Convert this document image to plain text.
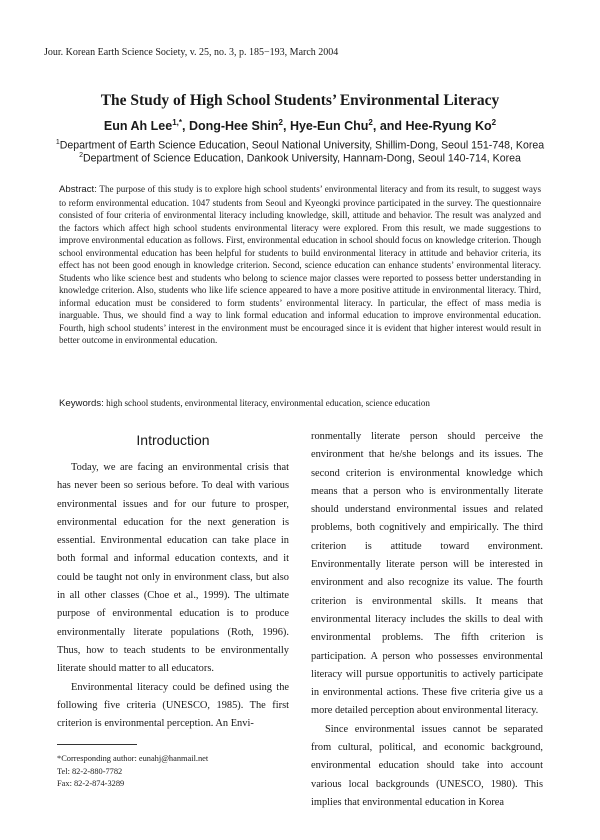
Jour. Korean Earth Science Society, v. 25, no. 3, p. 185−193, March 2004
The Study of High School Students’ Environmental Literacy
Eun Ah Lee$^{1,*}$, Dong-Hee Shin$^2$, Hye-Eun Chu$^2$, and Hee-Ryung Ko$^2$
$^1$Department of Earth Science Education, Seoul National University, Shillim-Dong, Seoul 151-748, Korea
$^2$Department of Science Education, Dankook University, Hannam-Dong, Seoul 140-714, Korea
Abstract: The purpose of this study is to explore high school students’ environmental literacy and from its result, to suggest ways to reform environmental education. 1047 students from Seoul and Kyeongki province participated in the survey. The questionnaire consisted of four criteria of environmental literacy including knowledge, skill, attitude and behavior. The result was analyzed and the factors which affect high school students environmental literacy were explored. From this result, we made suggestions to improve environmental education as follows. First, environmental education in school should focus on knowledge criterion. Though school environmental education has been helpful for students to build environmental literacy in attitude and behavior criteria, its effect has not been good enough in knowledge criterion. Second, science education can enhance students’ environmental literacy. Students who like science best and students who belong to science major classes were reported to possess better understanding in knowledge criterion. Also, students who like life science appeared to have a more positive attitude in environmental literacy. Third, informal education must be considered to form students’ environmental literacy. In particular, the effect of mass media is inarguable. Thus, we should find a way to link formal education and informal education to improve environmental education. Fourth, high school students’ interest in the environment must be encouraged since it is evident that higher interest would result in better outcome in environmental education.
Keywords: high school students, environmental literacy, environmental education, science education
Introduction

Today, we are facing an environmental crisis that has never been so serious before. To deal with various environmental issues and for our future to prosper, environmental education for the next generation is essential. Environmental education can take place in both formal and informal education contexts, and it could be taught not only in environment class, but also in all other classes (Choe et al., 1999). The ultimate purpose of environmental education is to produce environmentally literate populations (Roth, 1996). Thus, how to teach students to be environmentally literate should matter to all educators.

Environmental literacy could be defined using the following five criteria (UNESCO, 1985). The first criterion is environmental perception. An Envi-

ronmentally literate person should perceive the environment that he/she belongs and its issues. The second criterion is environmental knowledge which means that a person who is environmentally literate should understand environmental issues and related problems, both cognitively and empirically. The third criterion is attitude toward environment. Environmentally literate person will be interested in environment and also recognize its value. The fourth criterion is environmental skills. It means that environmental literacy includes the skills to deal with environmental problems. The fifth criterion is participation. A person who possesses environmental literacy will pursue opportunitis to actively participate in environmental actions. These five criteria give us a more detailed perception about environmental literacy.

Since environmental issues cannot be separated from cultural, political, and economic background, environmental education should take into account various local backgrounds (UNESCO, 1980). This implies that environmental education in Korea

*Corresponding author: eunahj@hanmail.net
Tel: 82-2-880-7782
Fax: 82-2-874-3289
